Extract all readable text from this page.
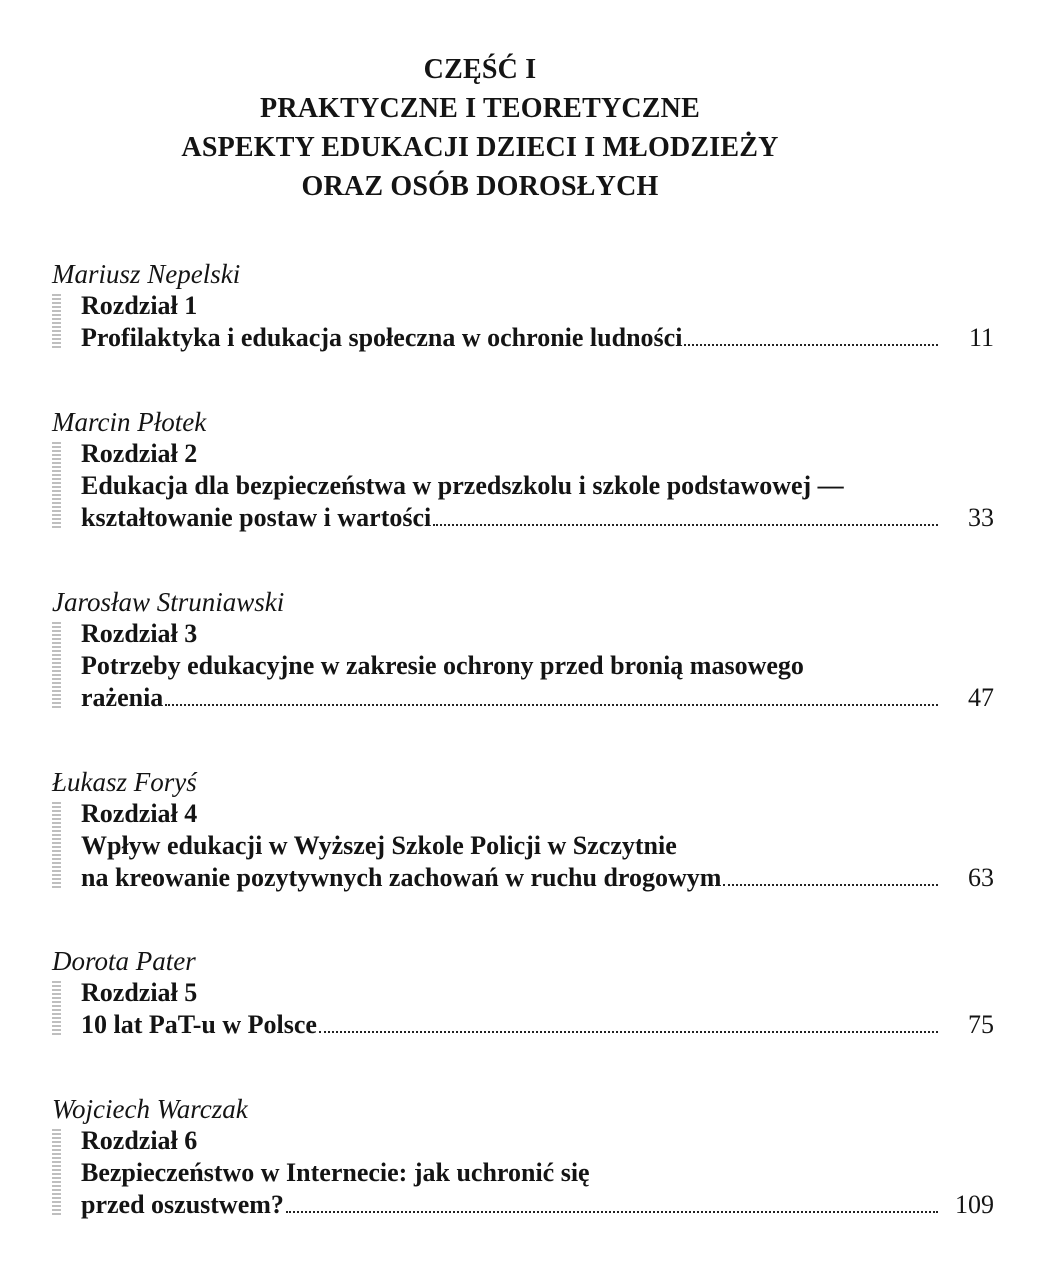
CZĘŚĆ I
PRAKTYCZNE I TEORETYCZNE
ASPEKTY EDUKACJI DZIECI I MŁODZIEŻY
ORAZ OSÓB DOROSŁYCH
Mariusz Nepelski
Rozdział 1
Profilaktyka i edukacja społeczna w ochronie ludności	11
Marcin Płotek
Rozdział 2
Edukacja dla bezpieczeństwa w przedszkolu i szkole podstawowej —
kształtowanie postaw i wartości	33
Jarosław Struniawski
Rozdział 3
Potrzeby edukacyjne w zakresie ochrony przed bronią masowego
rażenia	47
Łukasz Foryś
Rozdział 4
Wpływ edukacji w Wyższej Szkole Policji w Szczytnie
na kreowanie pozytywnych zachowań w ruchu drogowym	63
Dorota Pater
Rozdział 5
10 lat PaT-u w Polsce	75
Wojciech Warczak
Rozdział 6
Bezpieczeństwo w Internecie: jak uchronić się
przed oszustwem?	109
